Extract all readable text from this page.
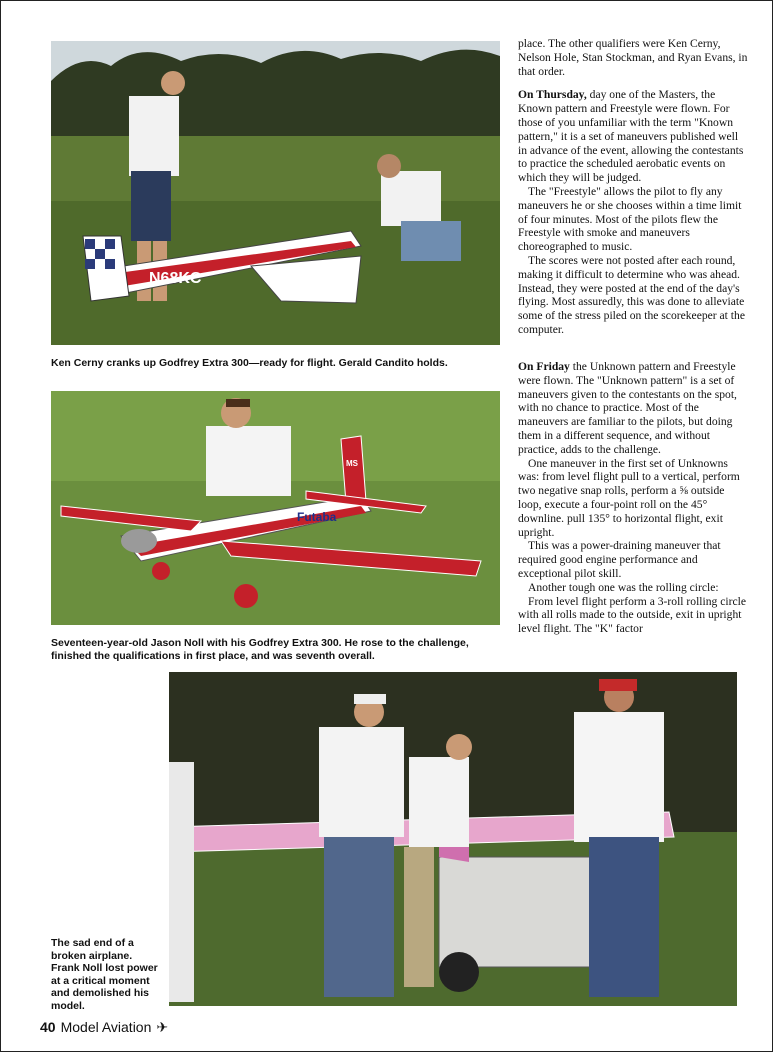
N68KC
Ken Cerny cranks up Godfrey Extra 300—ready for flight. Gerald Candito holds.
Futaba
MS
Seventeen-year-old Jason Noll with his Godfrey Extra 300. He rose to the challenge, finished the qualifications in first place, and was seventh overall.
The sad end of a broken airplane. Frank Noll lost power at a critical moment and demolished his model.

place. The other qualifiers were Ken Cerny, Nelson Hole, Stan Stockman, and Ryan Evans, in that order.

On Thursday, day one of the Masters, the Known pattern and Freestyle were flown. For those of you unfamiliar with the term "Known pattern," it is a set of maneuvers published well in advance of the event, allowing the contestants to practice the scheduled aerobatic events on which they will be judged.

The "Freestyle" allows the pilot to fly any maneuvers he or she chooses within a time limit of four minutes. Most of the pilots flew the Freestyle with smoke and maneuvers choreographed to music.

The scores were not posted after each round, making it difficult to determine who was ahead. Instead, they were posted at the end of the day's flying. Most assuredly, this was done to alleviate some of the stress piled on the scorekeeper at the computer.

On Friday the Unknown pattern and Freestyle were flown. The "Unknown pattern" is a set of maneuvers given to the contestants on the spot, with no chance to practice. Most of the maneuvers are familiar to the pilots, but doing them in a different sequence, and without practice, adds to the challenge.

One maneuver in the first set of Unknowns was: from level flight pull to a vertical, perform two negative snap rolls, perform a ⅝ outside loop, execute a four-point roll on the 45° downline. pull 135° to horizontal flight, exit upright.

This was a power-draining maneuver that required good engine performance and exceptional pilot skill.

Another tough one was the rolling circle:

From level flight perform a 3-roll rolling circle with all rolls made to the outside, exit in upright level flight. The "K" factor

40 Model Aviation ✈
